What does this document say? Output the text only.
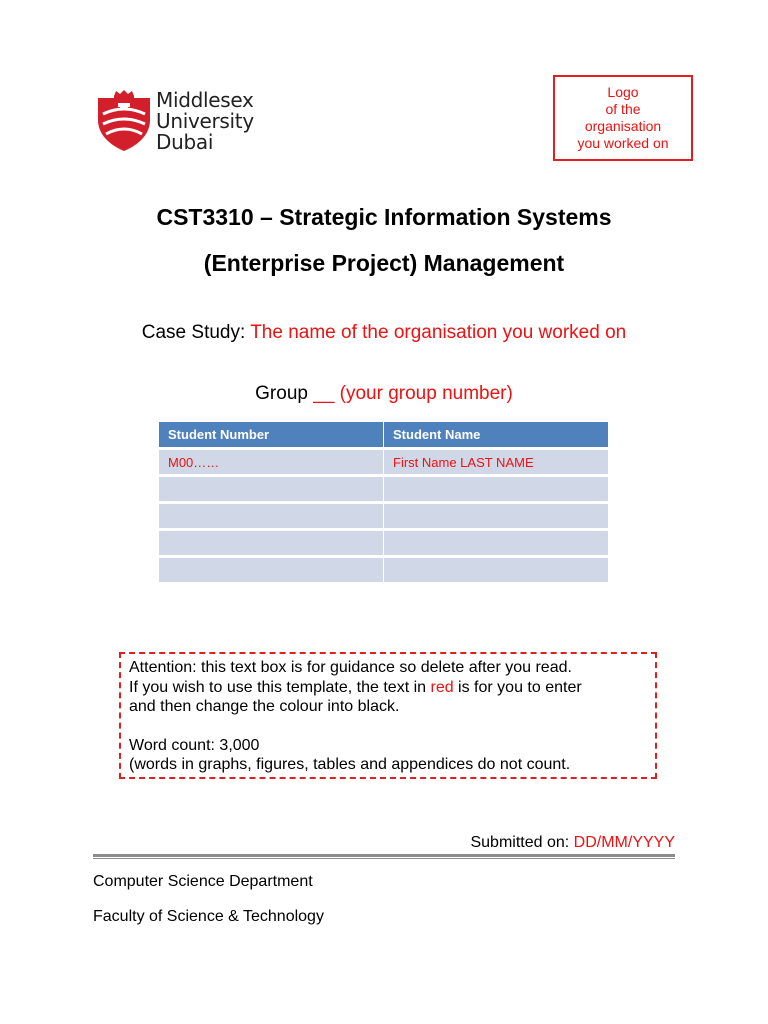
Middlesex
University
Dubai
Logo
of the
organisation
you worked on
CST3310 – Strategic Information Systems
(Enterprise Project) Management
Case Study: The name of the organisation you worked on
Group __ (your group number)
Student Number	Student Name
M00……	First Name LAST NAME

Attention: this text box is for guidance so delete after you read.

If you wish to use this template, the text in red is for you to enter

and then change the colour into black.

Word count: 3,000

(words in graphs, figures, tables and appendices do not count.

Submitted on: DD/MM/YYYY
Computer Science Department
Faculty of Science & Technology
